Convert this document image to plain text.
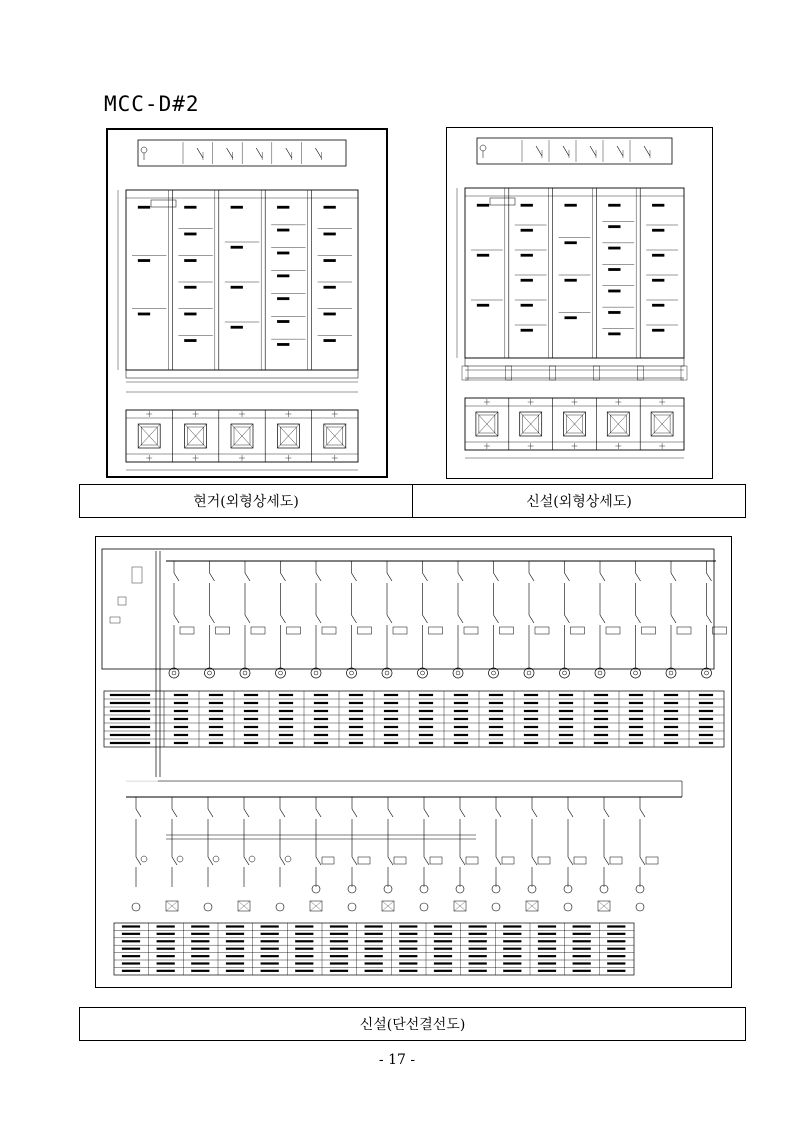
MCC-D#2
현거(외형상세도)	신설(외형상세도)
신설(단선결선도)
- 17 -
